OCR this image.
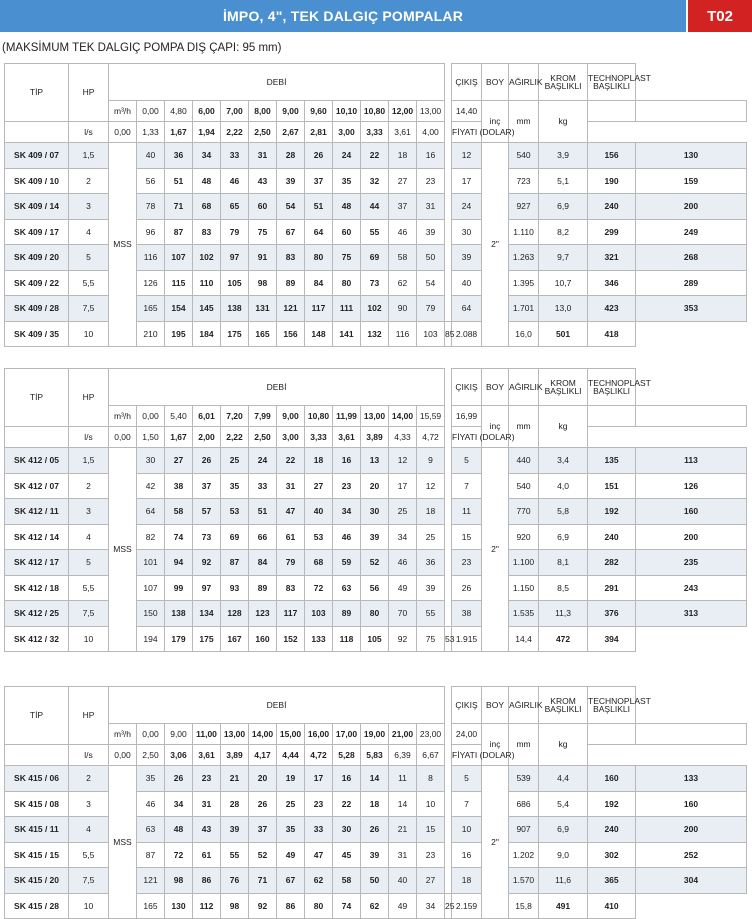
İMPO, 4", TEK DALGIÇ POMPALAR	T02
(MAKSİMUM TEK DALGIÇ POMPA DIŞ ÇAPI: 95 mm)
TİP	HP	DEBİ													ÇIKIŞ	BOY	AĞIRLIK	KROM BAŞLIKLI	TECHNOPLAST BAŞLIKLI	
		m³/h	0,00	4,80	6,00	7,00	8,00	9,00	9,60	10,10	10,80	12,00	13,00		14,40	inç	mm	kg		
	l/s	0,00	1,33	1,67	1,94	2,22	2,50	2,67	2,81	3,00	3,33	3,61	4,00		FİYATI (DOLAR)					
SK 409 / 07	1,5	MSS	40	36	34	33	31	28	26	24	22	18	16		12	2"	540	3,9	156	130
SK 409 / 10	2		56	51	48	46	43	39	37	35	32	27	23		17		723	5,1	190	159
SK 409 / 14	3		78	71	68	65	60	54	51	48	44	37	31		24		927	6,9	240	200
SK 409 / 17	4		96	87	83	79	75	67	64	60	55	46	39		30		1.110	8,2	299	249
SK 409 / 20	5		116	107	102	97	91	83	80	75	69	58	50		39		1.263	9,7	321	268
SK 409 / 22	5,5		126	115	110	105	98	89	84	80	73	62	54		40		1.395	10,7	346	289
SK 409 / 28	7,5		165	154	145	138	131	121	117	111	102	90	79		64		1.701	13,0	423	353
SK 409 / 35	10		210	195	184	175	165	156	148	141	132	116	103	85	2.088		16,0	501	418	
TİP	HP	DEBİ													ÇIKIŞ	BOY	AĞIRLIK	KROM BAŞLIKLI	TECHNOPLAST BAŞLIKLI	
		m³/h	0,00	5,40	6,01	7,20	7,99	9,00	10,80	11,99	13,00	14,00	15,59		16,99	inç	mm	kg		
	l/s	0,00	1,50	1,67	2,00	2,22	2,50	3,00	3,33	3,61	3,89	4,33	4,72		FİYATI (DOLAR)					
SK 412 / 05	1,5	MSS	30	27	26	25	24	22	18	16	13	12	9		5	2"	440	3,4	135	113
SK 412 / 07	2		42	38	37	35	33	31	27	23	20	17	12		7		540	4,0	151	126
SK 412 / 11	3		64	58	57	53	51	47	40	34	30	25	18		11		770	5,8	192	160
SK 412 / 14	4		82	74	73	69	66	61	53	46	39	34	25		15		920	6,9	240	200
SK 412 / 17	5		101	94	92	87	84	79	68	59	52	46	36		23		1.100	8,1	282	235
SK 412 / 18	5,5		107	99	97	93	89	83	72	63	56	49	39		26		1.150	8,5	291	243
SK 412 / 25	7,5		150	138	134	128	123	117	103	89	80	70	55		38		1.535	11,3	376	313
SK 412 / 32	10		194	179	175	167	160	152	133	118	105	92	75	53	1.915		14,4	472	394	
TİP	HP	DEBİ													ÇIKIŞ	BOY	AĞIRLIK	KROM BAŞLIKLI	TECHNOPLAST BAŞLIKLI	
		m³/h	0,00	9,00	11,00	13,00	14,00	15,00	16,00	17,00	19,00	21,00	23,00		24,00	inç	mm	kg		
	l/s	0,00	2,50	3,06	3,61	3,89	4,17	4,44	4,72	5,28	5,83	6,39	6,67		FİYATI (DOLAR)					
SK 415 / 06	2	MSS	35	26	23	21	20	19	17	16	14	11	8		5	2"	539	4,4	160	133
SK 415 / 08	3		46	34	31	28	26	25	23	22	18	14	10		7		686	5,4	192	160
SK 415 / 11	4		63	48	43	39	37	35	33	30	26	21	15		10		907	6,9	240	200
SK 415 / 15	5,5		87	72	61	55	52	49	47	45	39	31	23		16		1.202	9,0	302	252
SK 415 / 20	7,5		121	98	86	76	71	67	62	58	50	40	27		18		1.570	11,6	365	304
SK 415 / 28	10		165	130	112	98	92	86	80	74	62	49	34	25	2.159		15,8	491	410	
